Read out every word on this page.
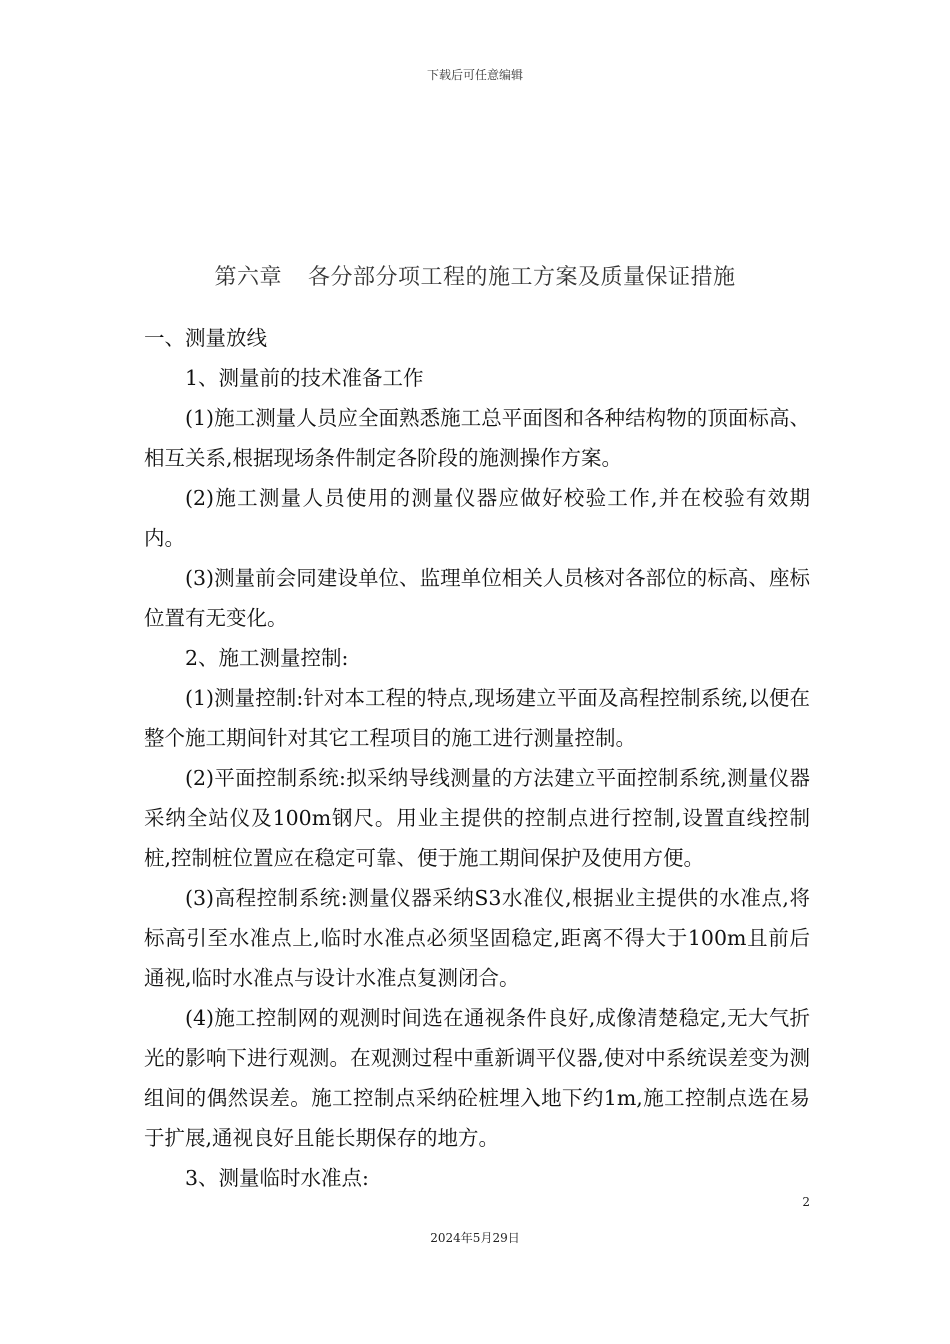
下载后可任意编辑
第六章 各分部分项工程的施工方案及质量保证措施

一、测量放线

1、测量前的技术准备工作

(1)施工测量人员应全面熟悉施工总平面图和各种结构物的顶面标高、相互关系,根据现场条件制定各阶段的施测操作方案。

(2)施工测量人员使用的测量仪器应做好校验工作,并在校验有效期内。

(3)测量前会同建设单位、监理单位相关人员核对各部位的标高、座标位置有无变化。

2、施工测量控制:

(1)测量控制:针对本工程的特点,现场建立平面及高程控制系统,以便在整个施工期间针对其它工程项目的施工进行测量控制。

(2)平面控制系统:拟采纳导线测量的方法建立平面控制系统,测量仪器采纳全站仪及100m钢尺。用业主提供的控制点进行控制,设置直线控制桩,控制桩位置应在稳定可靠、便于施工期间保护及使用方便。

(3)高程控制系统:测量仪器采纳S3水准仪,根据业主提供的水准点,将标高引至水准点上,临时水准点必须坚固稳定,距离不得大于100m且前后通视,临时水准点与设计水准点复测闭合。

(4)施工控制网的观测时间选在通视条件良好,成像清楚稳定,无大气折光的影响下进行观测。在观测过程中重新调平仪器,使对中系统误差变为测组间的偶然误差。施工控制点采纳砼桩埋入地下约1m,施工控制点选在易于扩展,通视良好且能长期保存的地方。

3、测量临时水准点:

2
2024年5月29日
